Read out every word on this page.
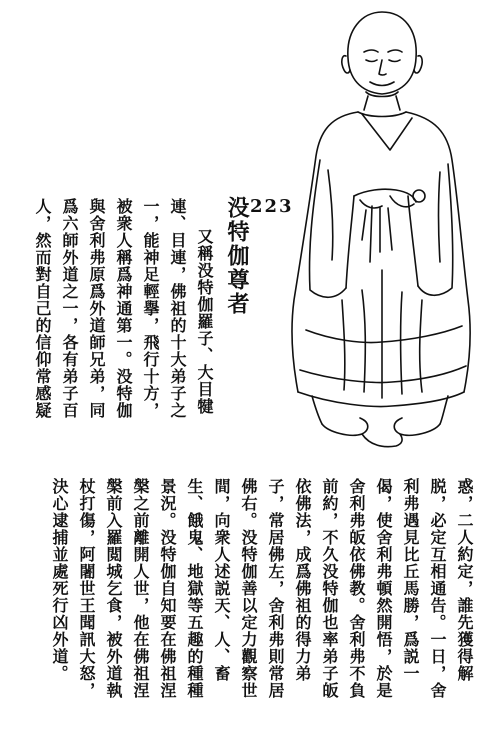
223
没特伽尊者
又稱没特伽羅子、大目犍
連、目連，佛祖的十大弟子之
一，能神足輕擧，飛行十方，
被衆人稱爲神通第一。没特伽
與舍利弗原爲外道師兄弟，同
爲六師外道之一，各有弟子百
人，然而對自己的信仰常感疑
惑，二人約定，誰先獲得解
脱，必定互相通告。一日，舍
利弗遇見比丘馬勝，爲説一
偈，使舍利弗頓然開悟，於是
舍利弗皈依佛教。舍利弗不負
前約，不久没特伽也率弟子皈
依佛法，成爲佛祖的得力弟
子，常居佛左，舍利弗則常居
佛右。没特伽善以定力觀察世
間，向衆人述説天、人、畜
生、餓鬼、地獄等五趣的種種
景況。没特伽自知要在佛祖涅
槃之前離開人世，他在佛祖涅
槃前入羅閲城乞食，被外道執
杖打傷，阿闍世王聞訊大怒，
決心逮捕並處死行凶外道。
